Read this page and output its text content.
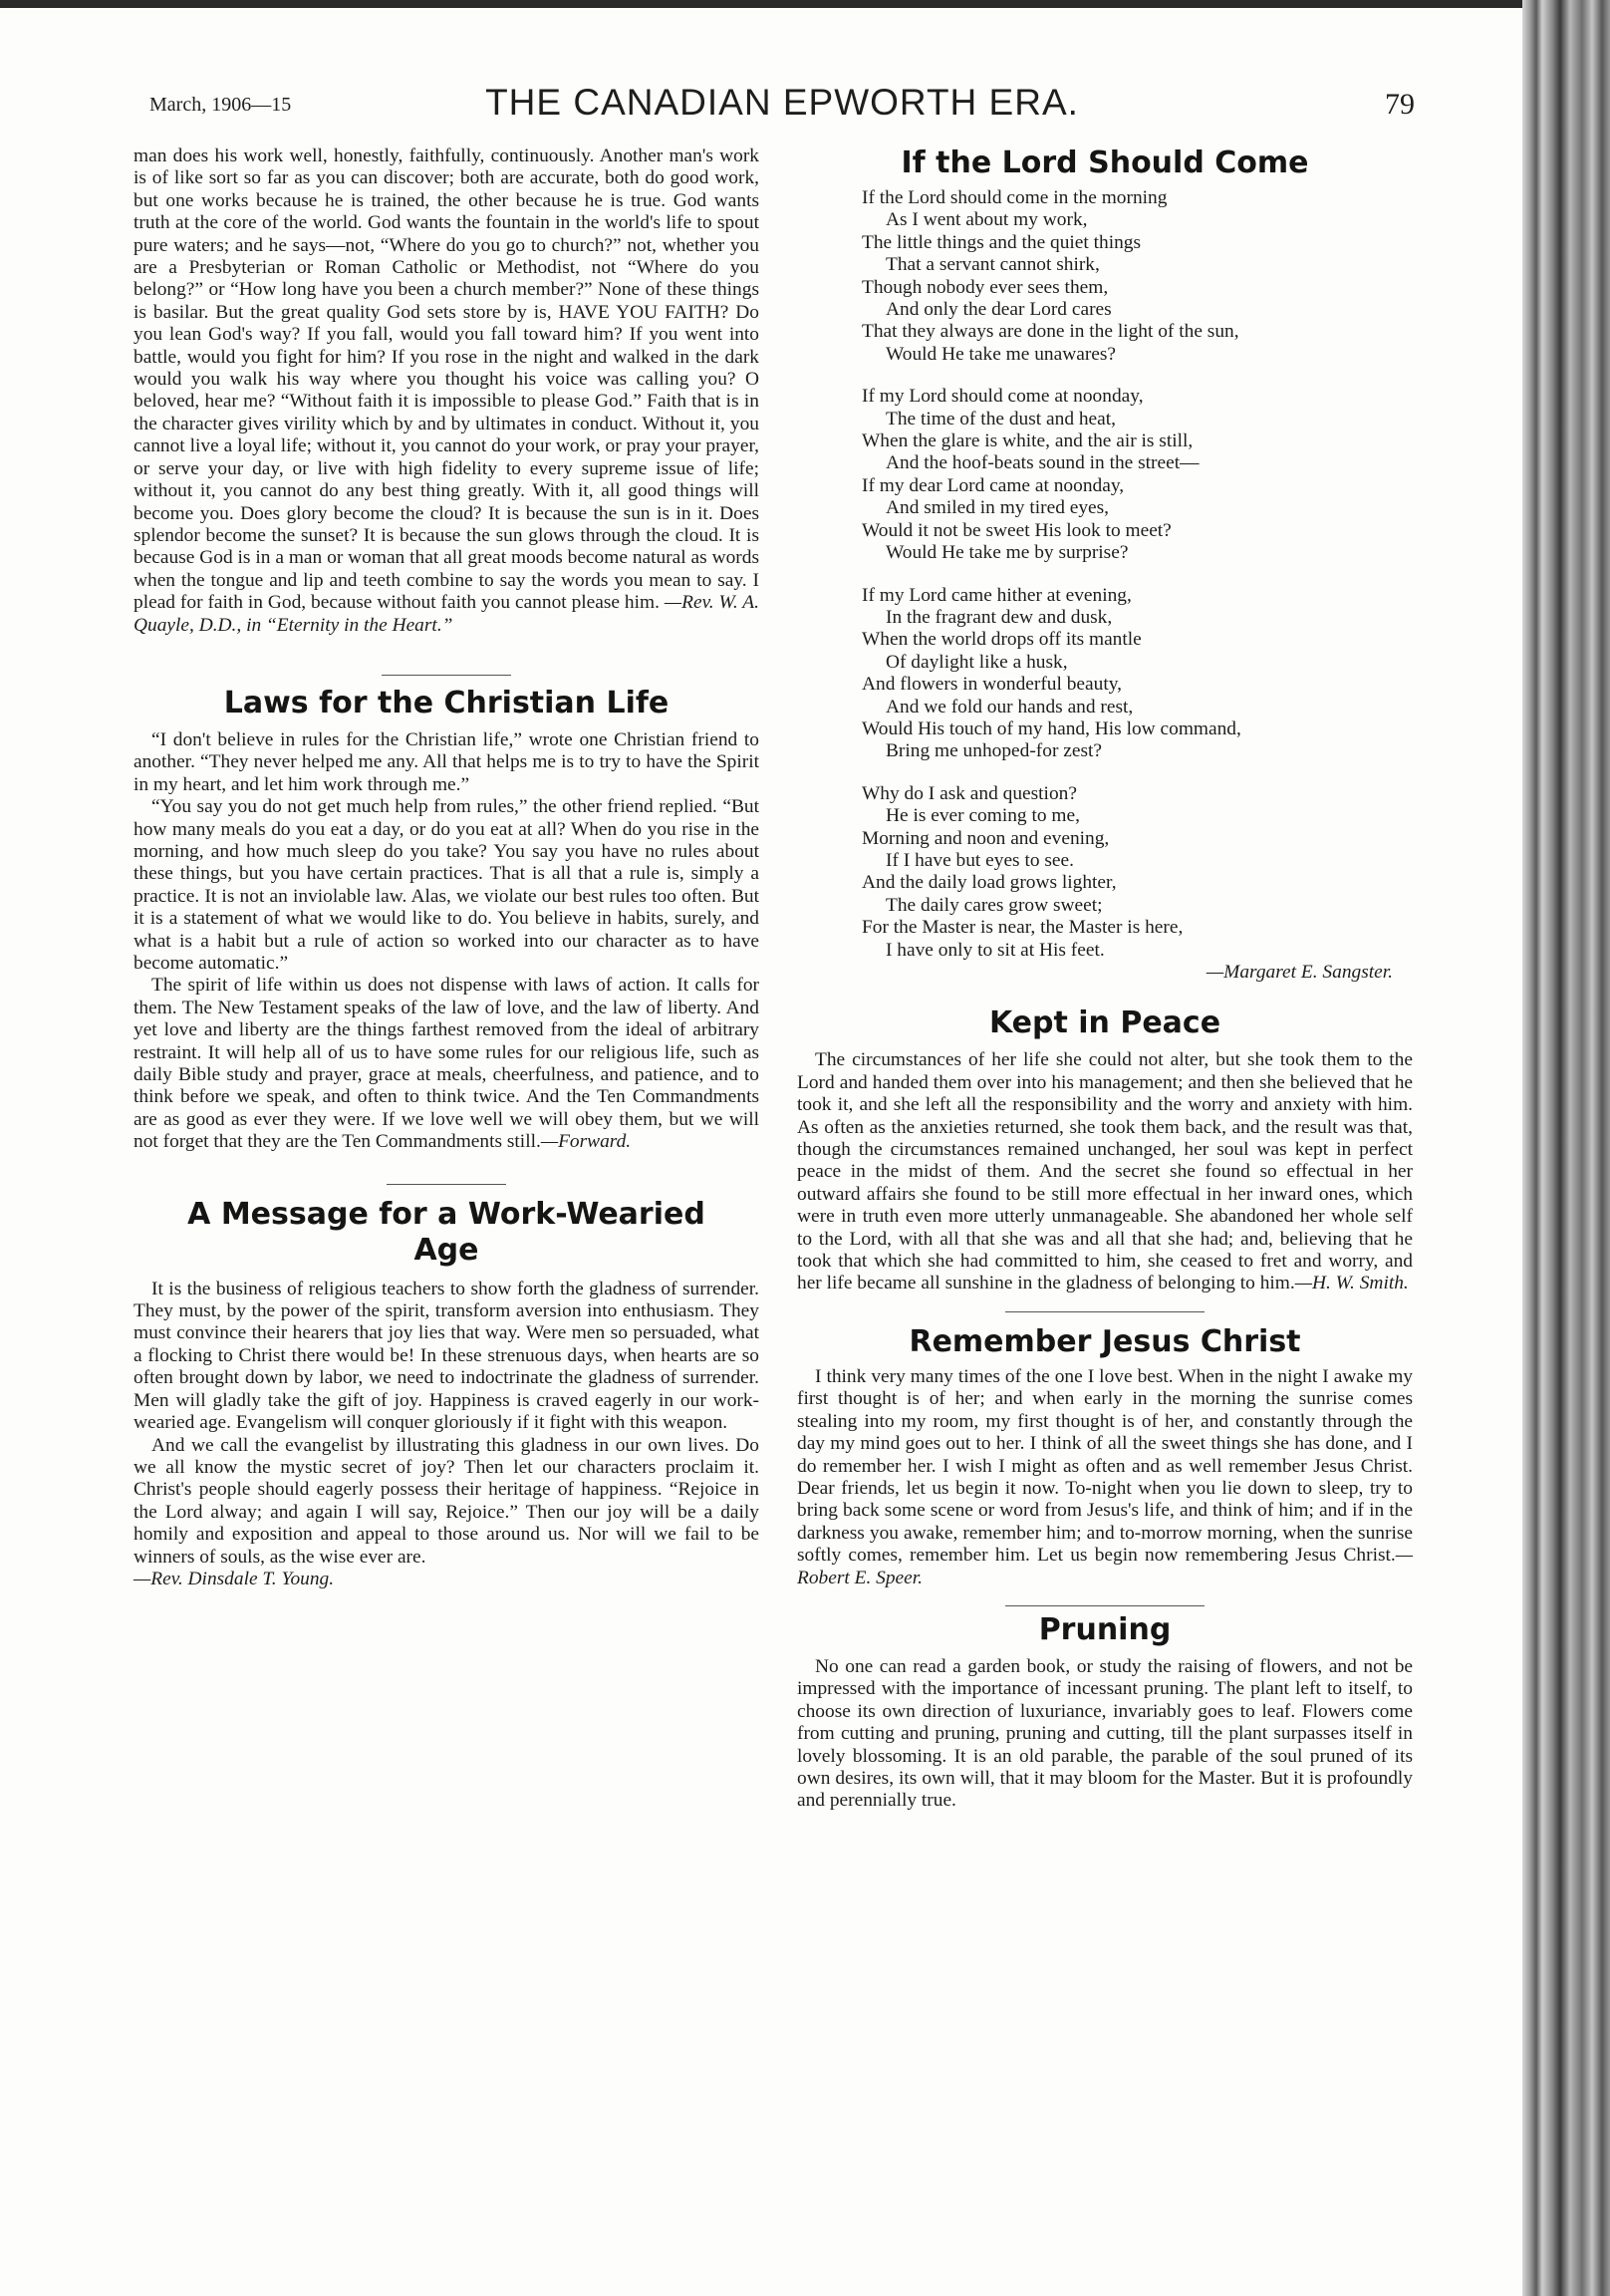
March, 1906—15	THE CANADIAN EPWORTH ERA.	79

man does his work well, honestly, faithfully, continuously. Another man's work is of like sort so far as you can discover; both are accurate, both do good work, but one works because he is trained, the other because he is true. God wants truth at the core of the world. God wants the fountain in the world's life to spout pure waters; and he says—not, “Where do you go to church?” not, whether you are a Presbyterian or Roman Catholic or Methodist, not “Where do you belong?” or “How long have you been a church member?” None of these things is basilar. But the great quality God sets store by is, HAVE YOU FAITH? Do you lean God's way? If you fall, would you fall toward him? If you went into battle, would you fight for him? If you rose in the night and walked in the dark would you walk his way where you thought his voice was calling you? O beloved, hear me? “Without faith it is impossible to please God.” Faith that is in the character gives virility which by and by ultimates in conduct. Without it, you cannot live a loyal life; without it, you cannot do your work, or pray your prayer, or serve your day, or live with high fidelity to every supreme issue of life; without it, you cannot do any best thing greatly. With it, all good things will become you. Does glory become the cloud? It is because the sun is in it. Does splendor become the sunset? It is because the sun glows through the cloud. It is because God is in a man or woman that all great moods become natural as words when the tongue and lip and teeth combine to say the words you mean to say. I plead for faith in God, because without faith you cannot please him. —Rev. W. A. Quayle, D.D., in “Eternity in the Heart.”

Laws for the Christian Life

“I don't believe in rules for the Christian life,” wrote one Christian friend to another. “They never helped me any. All that helps me is to try to have the Spirit in my heart, and let him work through me.”

“You say you do not get much help from rules,” the other friend replied. “But how many meals do you eat a day, or do you eat at all? When do you rise in the morning, and how much sleep do you take? You say you have no rules about these things, but you have certain practices. That is all that a rule is, simply a practice. It is not an inviolable law. Alas, we violate our best rules too often. But it is a statement of what we would like to do. You believe in habits, surely, and what is a habit but a rule of action so worked into our character as to have become automatic.”

The spirit of life within us does not dispense with laws of action. It calls for them. The New Testament speaks of the law of love, and the law of liberty. And yet love and liberty are the things farthest removed from the ideal of arbitrary restraint. It will help all of us to have some rules for our religious life, such as daily Bible study and prayer, grace at meals, cheerfulness, and patience, and to think before we speak, and often to think twice. And the Ten Commandments are as good as ever they were. If we love well we will obey them, but we will not forget that they are the Ten Commandments still.—Forward.

A Message for a Work-Wearied
Age

It is the business of religious teachers to show forth the gladness of surrender. They must, by the power of the spirit, transform aversion into enthusiasm. They must convince their hearers that joy lies that way. Were men so persuaded, what a flocking to Christ there would be! In these strenuous days, when hearts are so often brought down by labor, we need to indoctrinate the gladness of surrender. Men will gladly take the gift of joy. Happiness is craved eagerly in our work-wearied age. Evangelism will conquer gloriously if it fight with this weapon.

And we call the evangelist by illustrating this gladness in our own lives. Do we all know the mystic secret of joy? Then let our characters proclaim it. Christ's people should eagerly possess their heritage of happiness. “Rejoice in the Lord alway; and again I will say, Rejoice.” Then our joy will be a daily homily and exposition and appeal to those around us. Nor will we fail to be winners of souls, as the wise ever are.
—Rev. Dinsdale T. Young.

If the Lord Should Come
If the Lord should come in the morning
As I went about my work,
The little things and the quiet things
That a servant cannot shirk,
Though nobody ever sees them,
And only the dear Lord cares
That they always are done in the light of the sun,
Would He take me unawares?
If my Lord should come at noonday,
The time of the dust and heat,
When the glare is white, and the air is still,
And the hoof-beats sound in the street—
If my dear Lord came at noonday,
And smiled in my tired eyes,
Would it not be sweet His look to meet?
Would He take me by surprise?
If my Lord came hither at evening,
In the fragrant dew and dusk,
When the world drops off its mantle
Of daylight like a husk,
And flowers in wonderful beauty,
And we fold our hands and rest,
Would His touch of my hand, His low command,
Bring me unhoped-for zest?
Why do I ask and question?
He is ever coming to me,
Morning and noon and evening,
If I have but eyes to see.
And the daily load grows lighter,
The daily cares grow sweet;
For the Master is near, the Master is here,
I have only to sit at His feet.
—Margaret E. Sangster.
Kept in Peace

The circumstances of her life she could not alter, but she took them to the Lord and handed them over into his management; and then she believed that he took it, and she left all the responsibility and the worry and anxiety with him. As often as the anxieties returned, she took them back, and the result was that, though the circumstances remained unchanged, her soul was kept in perfect peace in the midst of them. And the secret she found so effectual in her outward affairs she found to be still more effectual in her inward ones, which were in truth even more utterly unmanageable. She abandoned her whole self to the Lord, with all that she was and all that she had; and, believing that he took that which she had committed to him, she ceased to fret and worry, and her life became all sunshine in the gladness of belonging to him.—H. W. Smith.

Remember Jesus Christ

I think very many times of the one I love best. When in the night I awake my first thought is of her; and when early in the morning the sunrise comes stealing into my room, my first thought is of her, and constantly through the day my mind goes out to her. I think of all the sweet things she has done, and I do remember her. I wish I might as often and as well remember Jesus Christ. Dear friends, let us begin it now. To-night when you lie down to sleep, try to bring back some scene or word from Jesus's life, and think of him; and if in the darkness you awake, remember him; and to-morrow morning, when the sunrise softly comes, remember him. Let us begin now remembering Jesus Christ.—Robert E. Speer.

Pruning

No one can read a garden book, or study the raising of flowers, and not be impressed with the importance of incessant pruning. The plant left to itself, to choose its own direction of luxuriance, invariably goes to leaf. Flowers come from cutting and pruning, pruning and cutting, till the plant surpasses itself in lovely blossoming. It is an old parable, the parable of the soul pruned of its own desires, its own will, that it may bloom for the Master. But it is profoundly and perennially true.
